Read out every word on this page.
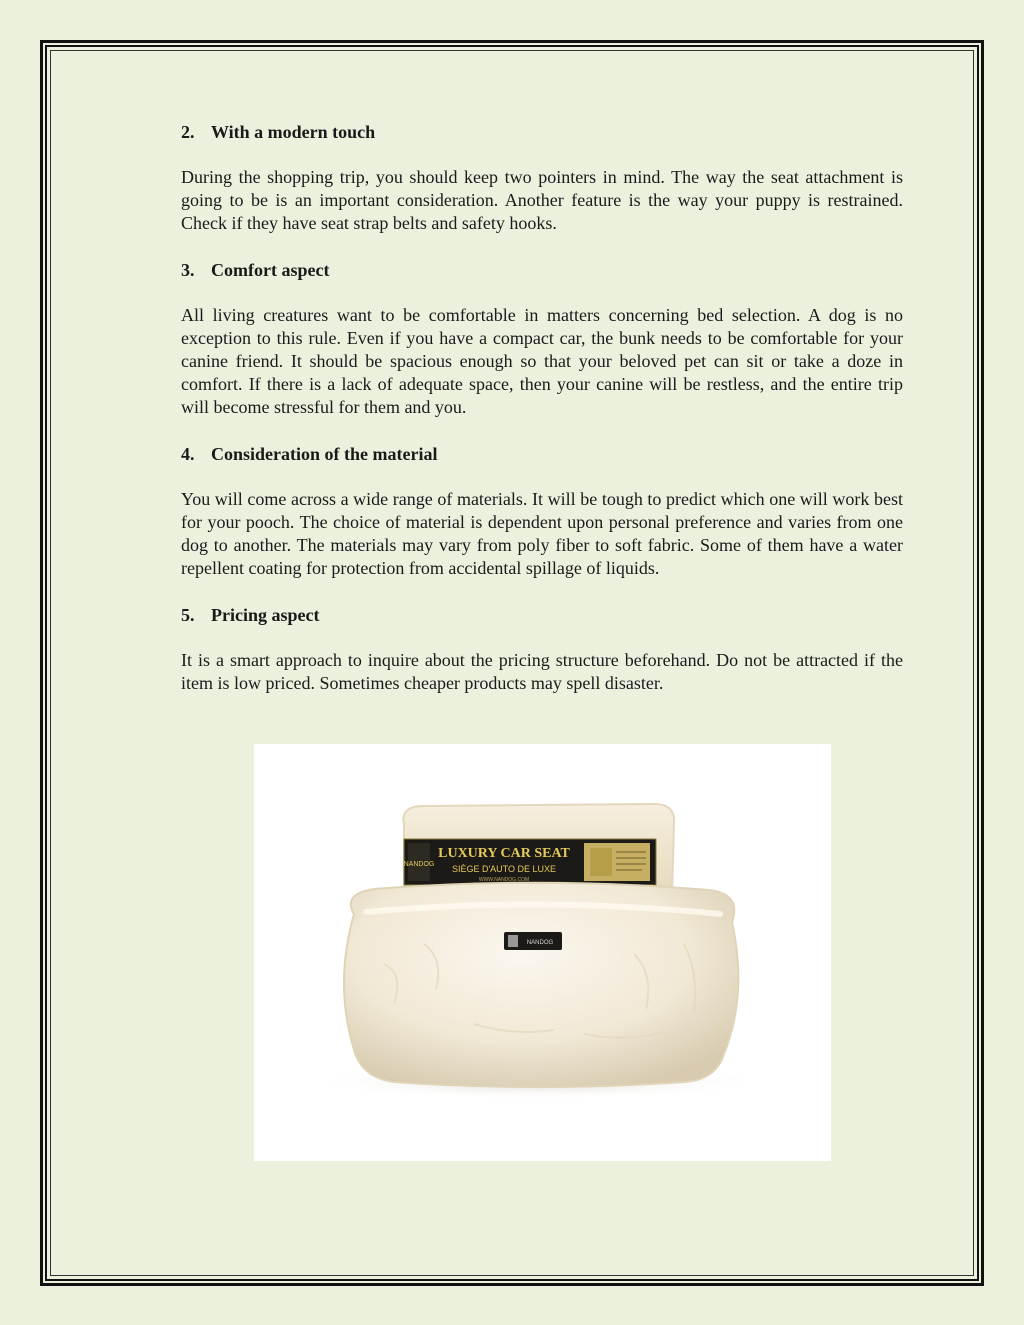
2. With a modern touch

During the shopping trip, you should keep two pointers in mind. The way the seat attachment is going to be is an important consideration. Another feature is the way your puppy is restrained. Check if they have seat strap belts and safety hooks.

3. Comfort aspect

All living creatures want to be comfortable in matters concerning bed selection. A dog is no exception to this rule. Even if you have a compact car, the bunk needs to be comfortable for your canine friend. It should be spacious enough so that your beloved pet can sit or take a doze in comfort. If there is a lack of adequate space, then your canine will be restless, and the entire trip will become stressful for them and you.

4. Consideration of the material

You will come across a wide range of materials. It will be tough to predict which one will work best for your pooch. The choice of material is dependent upon personal preference and varies from one dog to another. The materials may vary from poly fiber to soft fabric. Some of them have a water repellent coating for protection from accidental spillage of liquids.

5. Pricing aspect

It is a smart approach to inquire about the pricing structure beforehand. Do not be attracted if the item is low priced. Sometimes cheaper products may spell disaster.

NANDOG
LUXURY CAR SEAT
SIÈGE D'AUTO DE LUXE
WWW.NANDOG.COM
NANDOG
